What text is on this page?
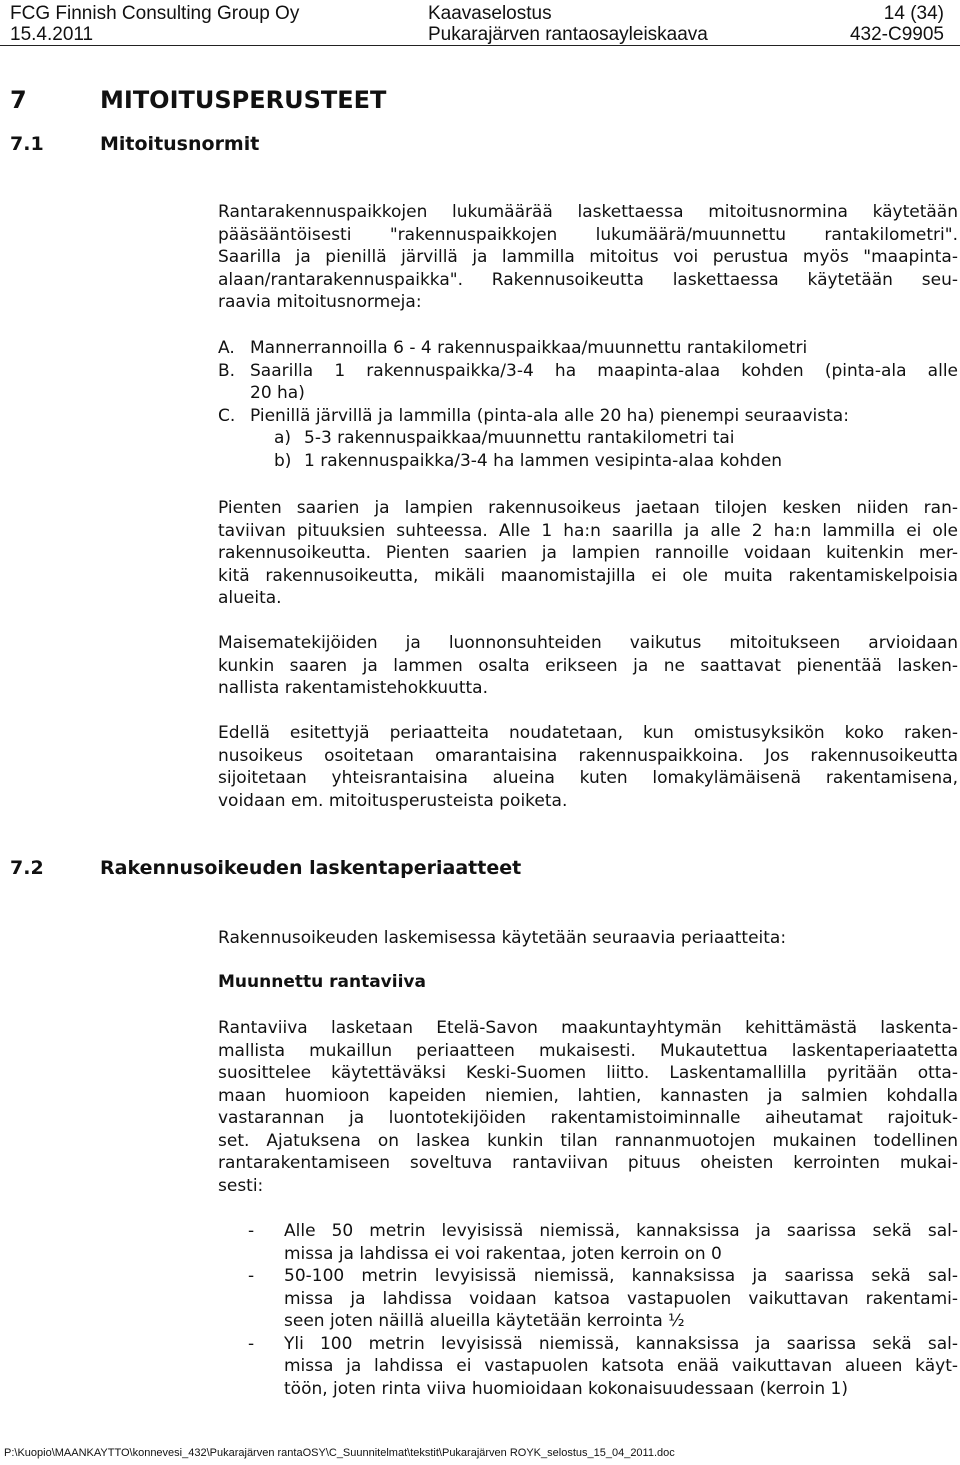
FCG Finnish Consulting Group Oy	Kaavaselostus	14 (34)
15.4.2011	Pukarajärven rantaosayleiskaava	432-C9905
7	MITOITUSPERUSTEET
7.1	Mitoitusnormit

Rantarakennuspaikkojen lukumäärää laskettaessa mitoitusnormina käytetään
pääsääntöisesti "rakennuspaikkojen lukumäärä/muunnettu rantakilometri".
Saarilla ja pienillä järvillä ja lammilla mitoitus voi perustua myös "maapinta-
alaan/rantarakennuspaikka". Rakennusoikeutta laskettaessa käytetään seu-
raavia mitoitusnormeja:

A. Mannerrannoilla 6 - 4 rakennuspaikkaa/muunnettu rantakilometri
B. Saarilla 1 rakennuspaikka/3-4 ha maapinta-alaa kohden (pinta-ala alle
20 ha)
C. Pienillä järvillä ja lammilla (pinta-ala alle 20 ha) pienempi seuraavista:
a) 5-3 rakennuspaikkaa/muunnettu rantakilometri tai
b) 1 rakennuspaikka/3-4 ha lammen vesipinta-alaa kohden

Pienten saarien ja lampien rakennusoikeus jaetaan tilojen kesken niiden ran-
taviivan pituuksien suhteessa. Alle 1 ha:n saarilla ja alle 2 ha:n lammilla ei ole
rakennusoikeutta. Pienten saarien ja lampien rannoille voidaan kuitenkin mer-
kitä rakennusoikeutta, mikäli maanomistajilla ei ole muita rakentamiskelpoisia
alueita.

Maisematekijöiden ja luonnonsuhteiden vaikutus mitoitukseen arvioidaan
kunkin saaren ja lammen osalta erikseen ja ne saattavat pienentää lasken-
nallista rakentamistehokkuutta.

Edellä esitettyjä periaatteita noudatetaan, kun omistusyksikön koko raken-
nusoikeus osoitetaan omarantaisina rakennuspaikkoina. Jos rakennusoikeutta
sijoitetaan yhteisrantaisina alueina kuten lomakylämäisenä rakentamisena,
voidaan em. mitoitusperusteista poiketa.

7.2	Rakennusoikeuden laskentaperiaatteet
Rakennusoikeuden laskemisessa käytetään seuraavia periaatteita:
Muunnettu rantaviiva

Rantaviiva lasketaan Etelä-Savon maakuntayhtymän kehittämästä laskenta-
mallista mukaillun periaatteen mukaisesti. Mukautettua laskentaperiaatetta
suosittelee käytettäväksi Keski-Suomen liitto. Laskentamallilla pyritään otta-
maan huomioon kapeiden niemien, lahtien, kannasten ja salmien kohdalla
vastarannan ja luontotekijöiden rakentamistoiminnalle aiheutamat rajoituk-
set. Ajatuksena on laskea kunkin tilan rannanmuotojen mukainen todellinen
rantarakentamiseen soveltuva rantaviivan pituus oheisten kerrointen mukai-
sesti:

- Alle 50 metrin levyisissä niemissä, kannaksissa ja saarissa sekä sal-
missa ja lahdissa ei voi rakentaa, joten kerroin on 0
- 50-100 metrin levyisissä niemissä, kannaksissa ja saarissa sekä sal-
missa ja lahdissa voidaan katsoa vastapuolen vaikuttavan rakentami-
seen joten näillä alueilla käytetään kerrointa ½
- Yli 100 metrin levyisissä niemissä, kannaksissa ja saarissa sekä sal-
missa ja lahdissa ei vastapuolen katsota enää vaikuttavan alueen käyt-
töön, joten rinta viiva huomioidaan kokonaisuudessaan (kerroin 1)
P:\Kuopio\MAANKAYTTO\konnevesi_432\Pukarajärven rantaOSY\C_Suunnitelmat\tekstit\Pukarajärven ROYK_selostus_15_04_2011.doc
